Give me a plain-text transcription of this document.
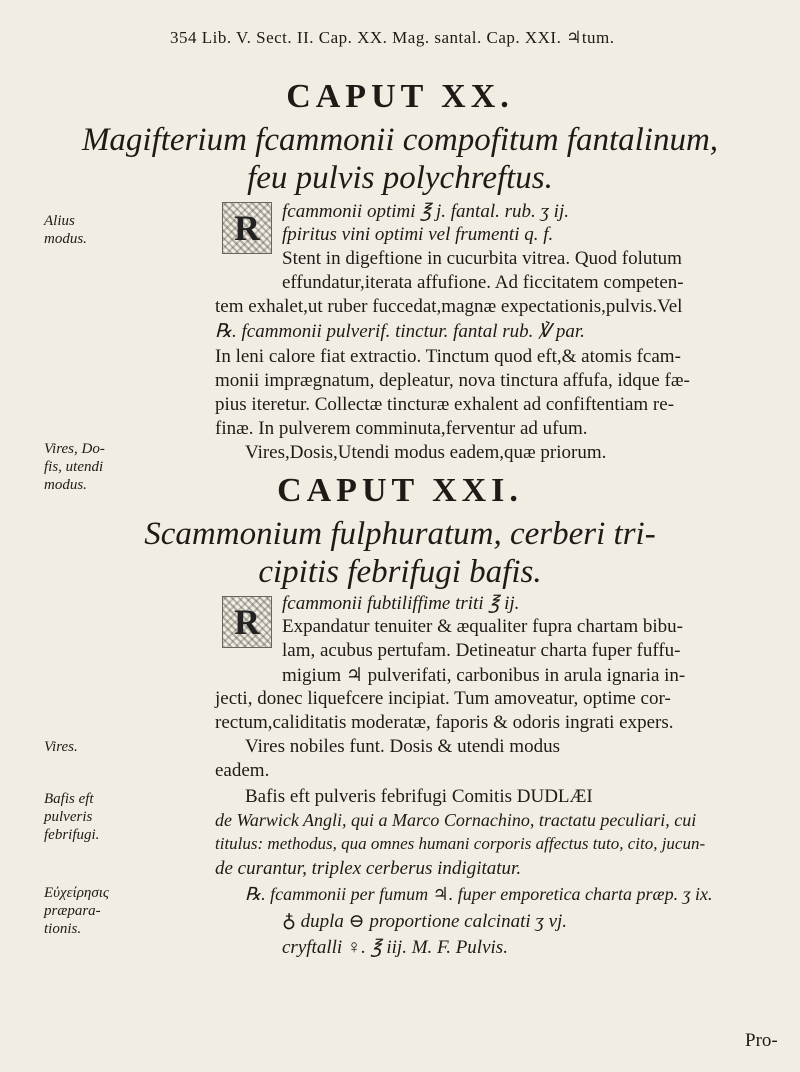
354 Lib. V. Sect. II. Cap. XX. Mag. santal. Cap. XXI. ♃tum.
CAPUT XX.
Magifterium fcammonii compofitum fantalinum,
feu pulvis polychreftus.
R
Alius modus.
fcammonii optimi ℥ j. fantal. rub. ʒ ij.
fpiritus vini optimi vel frumenti q. f.
Stent in digeftione in cucurbita vitrea. Quod folutum
effundatur,iterata affufione. Ad ficcitatem competen-
tem exhalet,ut ruber fuccedat,magnæ expectationis,pulvis.Vel
℞. fcammonii pulverif. tinctur. fantal rub. ℣ par.
In leni calore fiat extractio. Tinctum quod eft,& atomis fcam-
monii imprægnatum, depleatur, nova tinctura affufa, idque fæ-
pius iteretur. Collectæ tincturæ exhalent ad confiftentiam re-
finæ. In pulverem comminuta,ferventur ad ufum.
Vires,Dosis,Utendi modus eadem,quæ priorum.
Vires, Do-fis, utendi modus.	CAPUT XXI.
Scammonium fulphuratum, cerberi tri-
cipitis febrifugi bafis.
R	fcammonii fubtiliffime triti ℥ ij.
Expandatur tenuiter & æqualiter fupra chartam bibu-
lam, acubus pertufam. Detineatur charta fuper fuffu-
migium ♃ pulverifati, carbonibus in arula ignaria in-
jecti, donec liquefcere incipiat. Tum amoveatur, optime cor-
rectum,caliditatis moderatæ, faporis & odoris ingrati expers.
Vires nobiles funt. Dosis & utendi modus
eadem.
Bafis eft pulveris febrifugi Comitis DUDLÆI
de Warwick Angli, qui a Marco Cornachino, tractatu peculiari, cui
titulus: methodus, qua omnes humani corporis affectus tuto, cito, jucun-
de curantur, triplex cerberus indigitatur.
℞. fcammonii per fumum ♃. fuper emporetica charta præp. ʒ ix.
♁ dupla ⊖ proportione calcinati ʒ vj.
cryftalli ♀. ℥ iij. M. F. Pulvis.
Vires.
Bafis eft pulveris febrifugi.
Εὐχείρησις præpara-tionis.
Pro-
